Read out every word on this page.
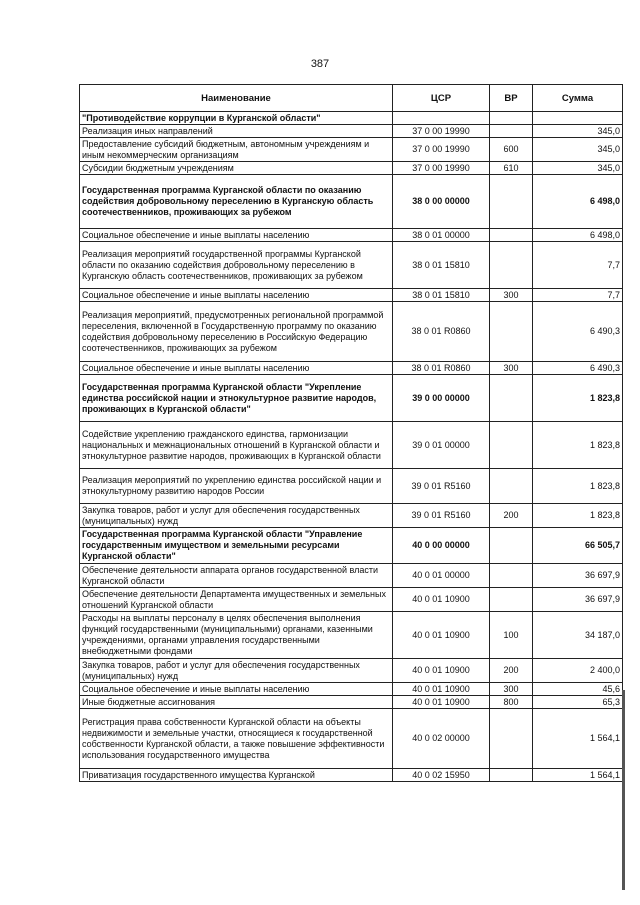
387
Наименование	ЦСР	ВР	Сумма
"Противодействие коррупции в Курганской области"			
Реализация иных направлений	37 0 00 19990		345,0
Предоставление субсидий бюджетным, автономным учреждениям и иным некоммерческим организациям	37 0 00 19990	600	345,0
Субсидии бюджетным учреждениям	37 0 00 19990	610	345,0
Государственная программа Курганской области по оказанию содействия добровольному переселению в Курганскую область соотечественников, проживающих за рубежом	38 0 00 00000		6 498,0
Социальное обеспечение и иные выплаты населению	38 0 01 00000		6 498,0
Реализация мероприятий государственной программы Курганской области по оказанию содействия добровольному переселению в Курганскую область соотечественников, проживающих за рубежом	38 0 01 15810		7,7
Социальное обеспечение и иные выплаты населению	38 0 01 15810	300	7,7
Реализация мероприятий, предусмотренных региональной программой переселения, включенной в Государственную программу по оказанию содействия добровольному переселению в Российскую Федерацию соотечественников, проживающих за рубежом	38 0 01 R0860		6 490,3
Социальное обеспечение и иные выплаты населению	38 0 01 R0860	300	6 490,3
Государственная программа Курганской области "Укрепление единства российской нации и этнокультурное развитие народов, проживающих в Курганской области"	39 0 00 00000		1 823,8
Содействие укреплению гражданского единства, гармонизации национальных и межнациональных отношений в Курганской области и этнокультурное развитие народов, проживающих в Курганской области	39 0 01 00000		1 823,8
Реализация мероприятий по укреплению единства российской нации и этнокультурному развитию народов России	39 0 01 R5160		1 823,8
Закупка товаров, работ и услуг для обеспечения государственных (муниципальных) нужд	39 0 01 R5160	200	1 823,8
Государственная программа Курганской области "Управление государственным имуществом и земельными ресурсами Курганской области"	40 0 00 00000		66 505,7
Обеспечение деятельности аппарата органов государственной власти Курганской области	40 0 01 00000		36 697,9
Обеспечение деятельности Департамента имущественных и земельных отношений Курганской области	40 0 01 10900		36 697,9
Расходы на выплаты персоналу в целях обеспечения выполнения функций государственными (муниципальными) органами, казенными учреждениями, органами управления государственными внебюджетными фондами	40 0 01 10900	100	34 187,0
Закупка товаров, работ и услуг для обеспечения государственных (муниципальных) нужд	40 0 01 10900	200	2 400,0
Социальное обеспечение и иные выплаты населению	40 0 01 10900	300	45,6
Иные бюджетные ассигнования	40 0 01 10900	800	65,3
Регистрация права собственности Курганской области на объекты недвижимости и земельные участки, относящиеся к государственной собственности Курганской области, а также повышение эффективности использования государственного имущества	40 0 02 00000		1 564,1
Приватизация государственного имущества Курганской	40 0 02 15950		1 564,1
